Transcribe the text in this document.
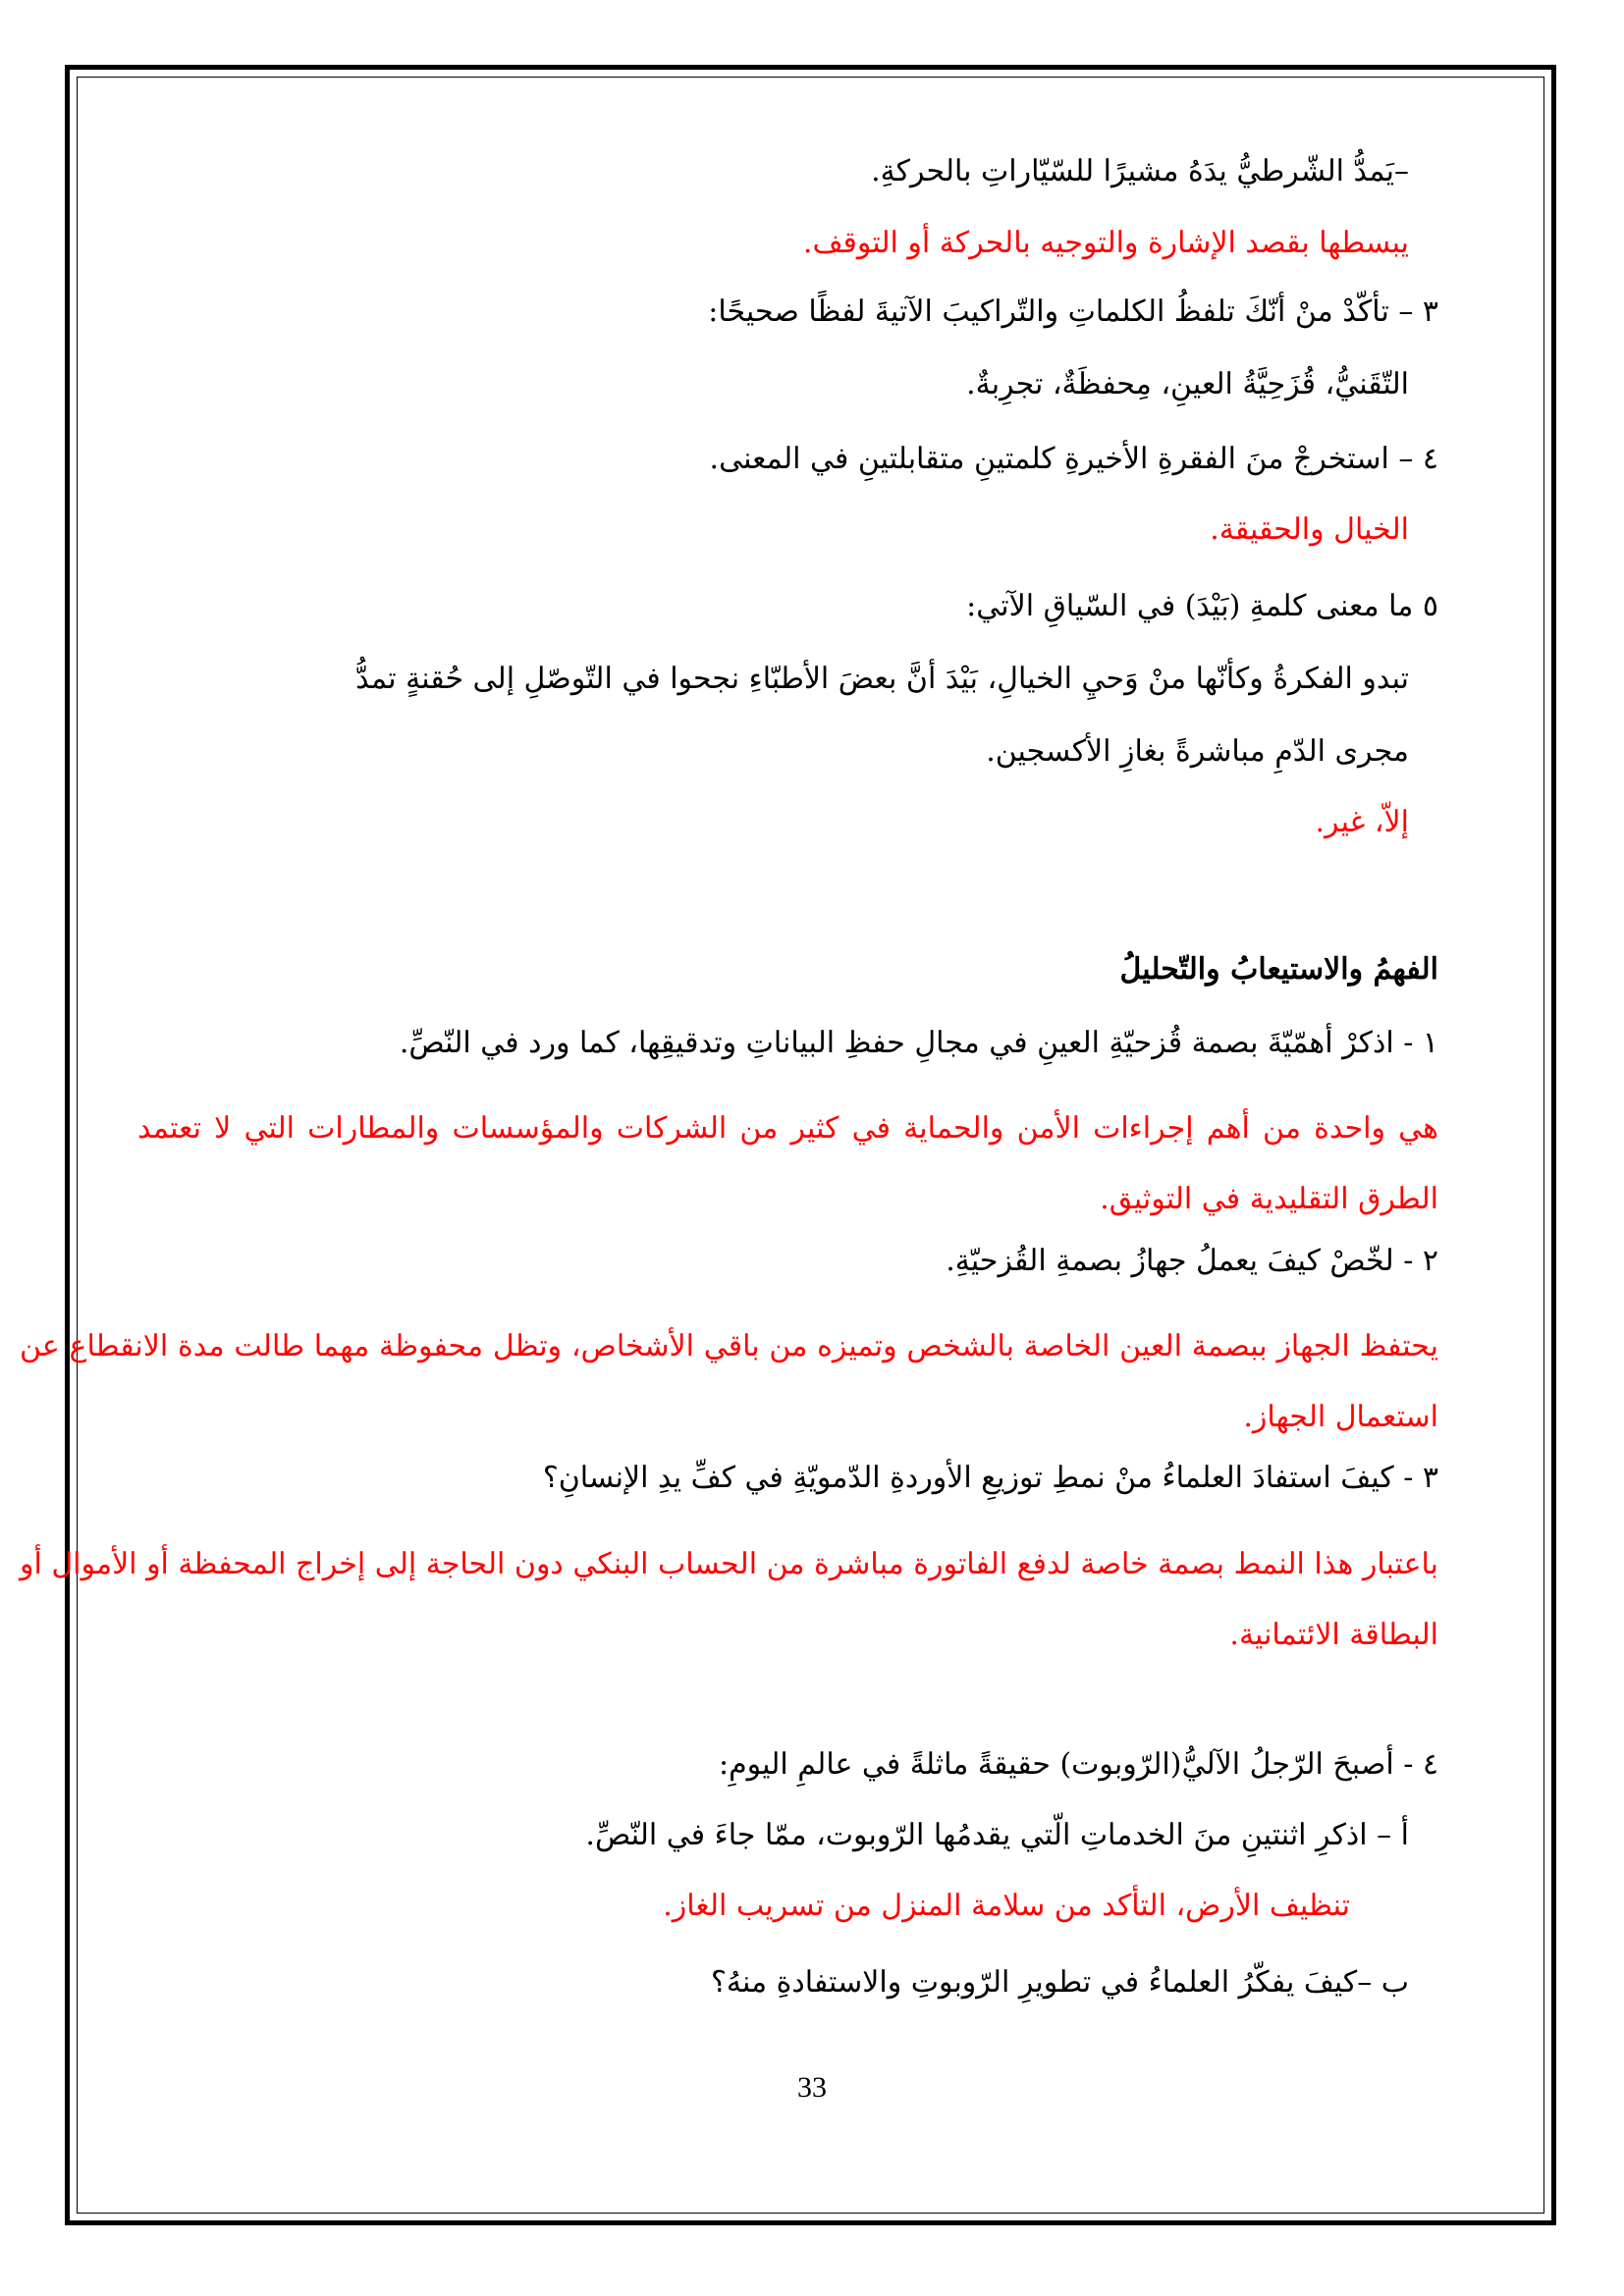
–يَمدُّ الشّرطيُّ يدَهُ مشيرًا للسّيّاراتِ بالحركةِ.
يبسطها بقصد الإشارة والتوجيه بالحركة أو التوقف.
٣ – تأكّدْ منْ أنّكَ تلفظُ الكلماتِ والتّراكيبَ الآتيةَ لفظًا صحيحًا:
التّقَنيُّ، قُزَحِيَّةُ العينِ، مِحفظَةٌ، تجرِبةٌ.
٤ – استخرجْ منَ الفقرةِ الأخيرةِ كلمتينِ متقابلتينِ في المعنى.
الخيال والحقيقة.
٥ ما معنى كلمةِ (بَيْدَ) في السّياقِ الآتي:
تبدو الفكرةُ وكأنّها منْ وَحيِ الخيالِ، بَيْدَ أنَّ بعضَ الأطبّاءِ نجحوا في التّوصّلِ إلى حُقنةٍ تمدُّ
مجرى الدّمِ مباشرةً بغازِ الأكسجين.
إلاّ، غير.
الفهمُ والاستيعابُ والتّحليلُ
١ - اذكرْ أهمّيّةَ بصمة قُزحيّةِ العينِ في مجالِ حفظِ البياناتِ وتدقيقِها، كما ورد في النّصِّ.
هي واحدة من أهم إجراءات الأمن والحماية في كثير من الشركات والمؤسسات والمطارات التي لا تعتمد الطرق التقليدية في التوثيق.
٢ - لخّصْ كيفَ يعملُ جهازُ بصمةِ القُزحيّةِ.
يحتفظ الجهاز ببصمة العين الخاصة بالشخص وتميزه من باقي الأشخاص، وتظل محفوظة مهما طالت مدة الانقطاع عن استعمال الجهاز.
٣ - كيفَ استفادَ العلماءُ منْ نمطِ توزيعِ الأوردةِ الدّمويّةِ في كفِّ يدِ الإنسانِ؟
باعتبار هذا النمط بصمة خاصة لدفع الفاتورة مباشرة من الحساب البنكي دون الحاجة إلى إخراج المحفظة أو الأموال أو البطاقة الائتمانية.
٤ - أصبحَ الرّجلُ الآليُّ(الرّوبوت) حقيقةً ماثلةً في عالمِ اليومِ:
أ – اذكرِ اثنتينِ منَ الخدماتِ الّتي يقدمُها الرّوبوت، ممّا جاءَ في النّصِّ.
تنظيف الأرض، التأكد من سلامة المنزل من تسريب الغاز.
ب –كيفَ يفكّرُ العلماءُ في تطويرِ الرّوبوتِ والاستفادةِ منهُ؟
33
